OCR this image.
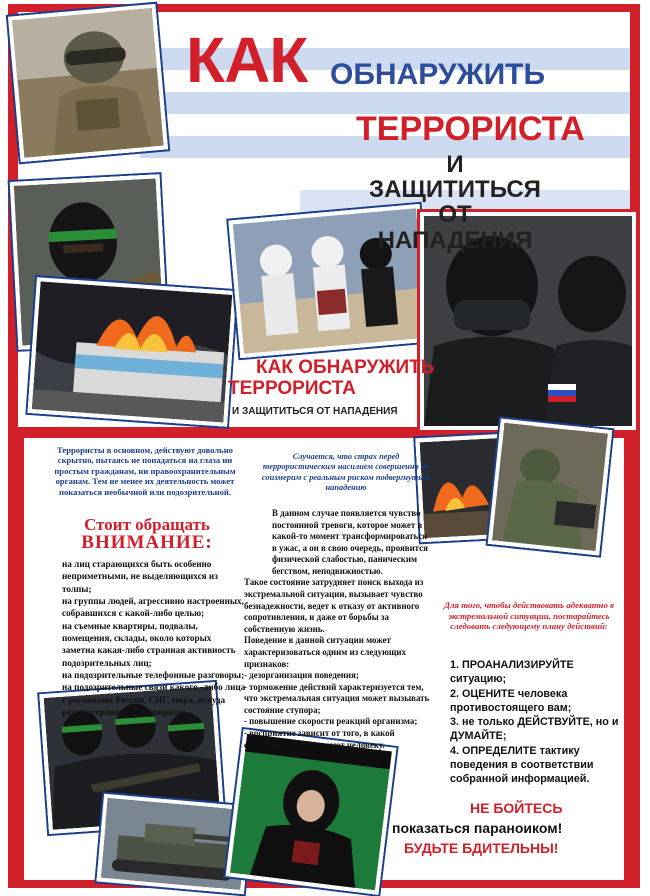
КАК ОБНАРУЖИТЬ
ТЕРРОРИСТА
И ЗАЩИТИТЬСЯ
ОТ НАПАДЕНИЯ
КАК ОБНАРУЖИТЬ
ТЕРРОРИСТА
И ЗАЩИТИТЬСЯ ОТ НАПАДЕНИЯ
Террористы в основном, действуют довольно скрытно, пытаясь не попадаться на глаза ни простым гражданам, ни правоохранительным органам. Тем не менее их деятельность может показаться необычной или подозрительной.
Стоит обращать
ВНИМАНИЕ:
на лиц старающихся быть особенно неприметными, не выделяющихся из толпы;
на группы людей, агрессивно настроенных, собравшихся с какой-либо целью;
на съемные квартиры, подвалы, помещения, склады, около которых заметна какая-либо странная активность подозрительных лиц;
на подозрительные телефонные разговоры;
на подозрительные связи какого -либо лица с регионами России, СНГ, мира, откуда распространяется терроризм.
Случается, что страх перед террористическим насилием совершенно не соизмерим с реальным риском подвергнуться нападению
В данном случае появляется чувство постоянной тревоги, которое может в какой-то момент трансформироваться в ужас, а он в свою очередь, проявится физической слабостью, паническим бегством, неподвижностью.
Такое состояние затрудняет поиск выхода из экстремальной ситуации, вызывает чувство безнадежности, ведет к отказу от активного сопротивления, и даже от борьбы за собственную жизнь.
Поведение в данной ситуации может характеризоваться одним из следующих признаков:
- дезорганизация поведения;
- торможение действий характеризуется тем, что экстремальная ситуация может вызывать состояние ступора;
- повышение скорости реакций организма;
- восприятие зависит от того, в какой ситуации и где угрожают человеку.
Для того, чтобы действовать адекватно в экстремальной ситуации, постарайтесь следовать следующему плану действий:
1. ПРОАНАЛИЗИРУЙТЕ ситуацию;
2. ОЦЕНИТЕ человека противостоящего вам;
3. не только ДЕЙСТВУЙТЕ, но и ДУМАЙТЕ;
4. ОПРЕДЕЛИТЕ тактику поведения в соответствии собранной информацией.
НЕ БОЙТЕСЬ
показаться параноиком!
БУДЬТЕ БДИТЕЛЬНЫ!
